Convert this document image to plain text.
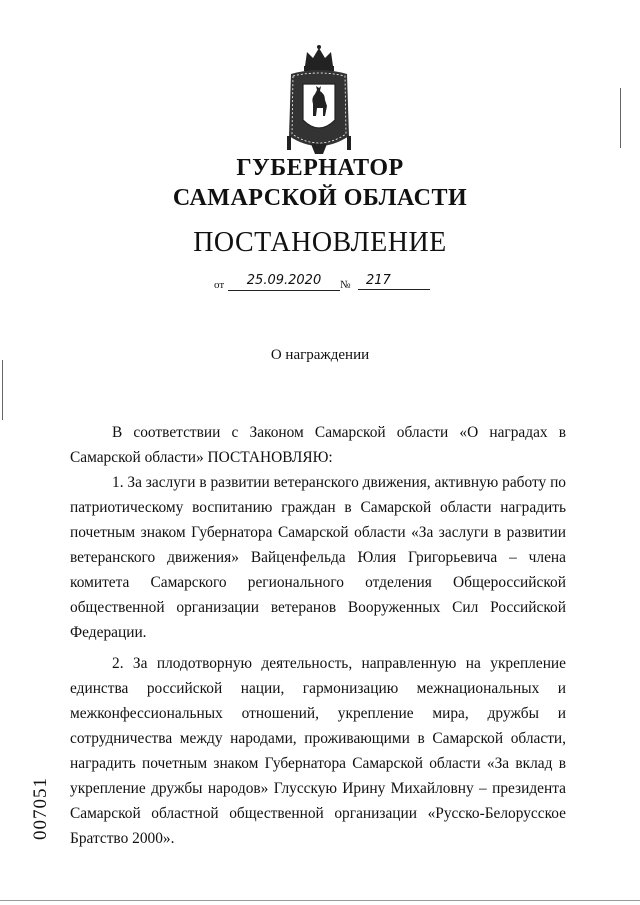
ГУБЕРНАТОР
САМАРСКОЙ ОБЛАСТИ
ПОСТАНОВЛЕНИЕ
от	25.09.2020	№	217
О награждении

В соответствии с Законом Самарской области «О наградах в Самарской области» ПОСТАНОВЛЯЮ:

1. За заслуги в развитии ветеранского движения, активную работу по патриотическому воспитанию граждан в Самарской области наградить почетным знаком Губернатора Самарской области «За заслуги в развитии ветеранского движения» Вайценфельда Юлия Григорьевича – члена комитета Самарского регионального отделения Общероссийской общественной организации ветеранов Вооруженных Сил Российской Федерации.

2. За плодотворную деятельность, направленную на укрепление единства российской нации, гармонизацию межнациональных и межконфессиональных отношений, укрепление мира, дружбы и сотрудничества между народами, проживающими в Самарской области, наградить почетным знаком Губернатора Самарской области «За вклад в укрепление дружбы народов» Глусскую Ирину Михайловну – президента Самарской областной общественной организации «Русско-Белорусское Братство 2000».

007051
